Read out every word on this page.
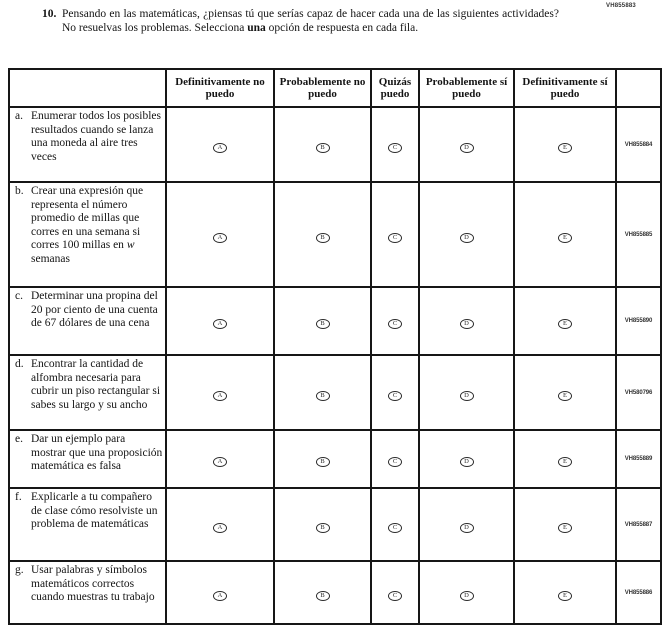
VH855883
10. Pensando en las matemáticas, ¿piensas tú que serías capaz de hacer cada una de las siguientes actividades? No resuelvas los problemas. Selecciona una opción de respuesta en cada fila.

	Definitivamente no puedo	Probablemente no puedo	Quizás puedo	Probablemente sí puedo	Definitivamente sí puedo	

a. Enumerar todos los posibles resultados cuando se lanza una moneda al aire tres veces	A	B	C	D	E	VH855884

b. Crear una expresión que representa el número promedio de millas que corres en una semana si corres 100 millas en w semanas	A	B	C	D	E	VH855885

c. Determinar una propina del 20 por ciento de una cuenta de 67 dólares de una cena	A	B	C	D	E	VH855890

d. Encontrar la cantidad de alfombra necesaria para cubrir un piso rectangular si sabes su largo y su ancho	A	B	C	D	E	VH580796

e. Dar un ejemplo para mostrar que una proposición matemática es falsa	A	B	C	D	E	VH855889

f. Explicarle a tu compañero de clase cómo resolviste un problema de matemáticas	A	B	C	D	E	VH855887

g. Usar palabras y símbolos matemáticos correctos cuando muestras tu trabajo	A	B	C	D	E	VH855886
